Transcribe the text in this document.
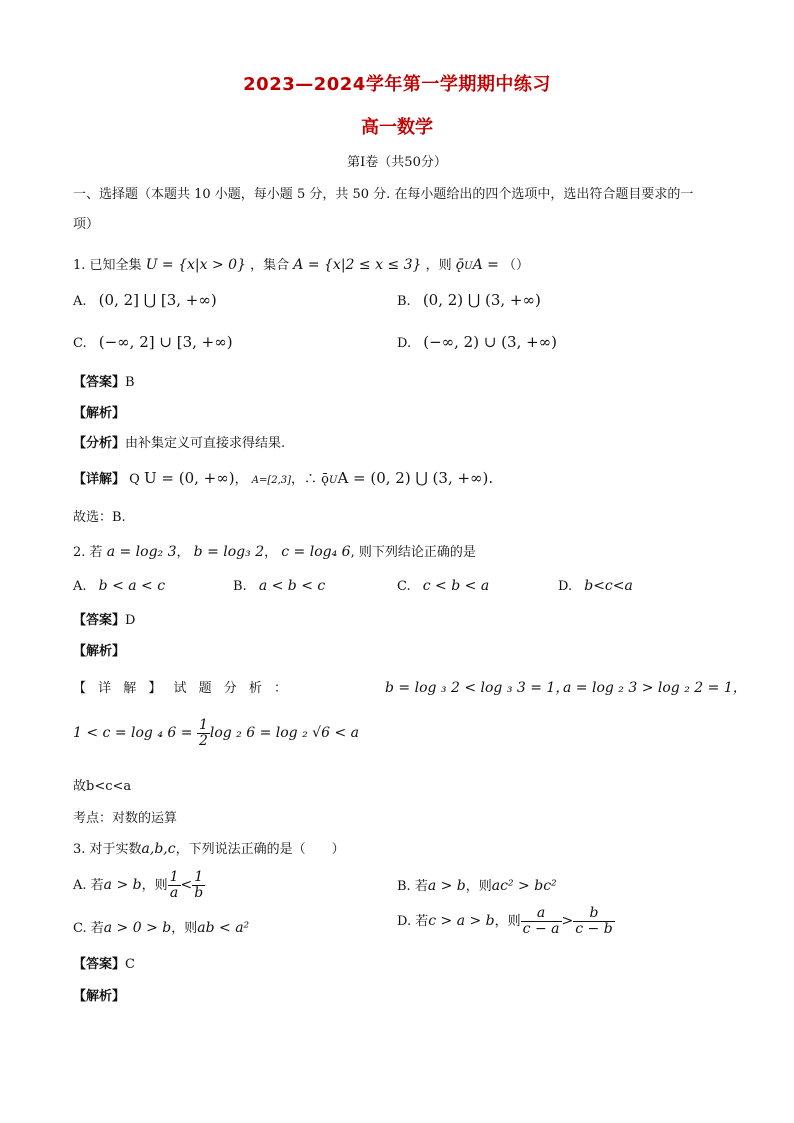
2023—2024学年第一学期期中练习
高一数学
第Ⅰ卷（共50分）
一、选择题（本题共 10 小题，每小题 5 分，共 50 分. 在每小题给出的四个选项中，选出符合题目要求的一
项）
1. 已知全集 U = {x|x > 0} ，集合 A = {x|2 ≤ x ≤ 3} ，则 ǭUA = （）
A. (0, 2] ⋃ [3, +∞)	B. (0, 2) ⋃ (3, +∞)
C. (−∞, 2] ∪ [3, +∞)	D. (−∞, 2) ∪ (3, +∞)
【答案】B
【解析】
【分析】由补集定义可直接求得结果.
【详解】 Q U = (0, +∞)， A=[2,3]，∴ ǭUA = (0, 2) ⋃ (3, +∞).
故选：B.
2. 若 a = log₂ 3， b = log₃ 2， c = log₄ 6, 则下列结论正确的是
A. b < a < c	B. a < b < c	C. c < b < a	D. b<c<a
【答案】D
【解析】
【 详 解 】 试 题 分 析 ：	b = log ₃ 2 < log ₃ 3 = 1，
a = log ₂ 3 > log ₂ 2 = 1，
1 < c = log ₄ $6 = \frac{1}{2}$ log ₂ 6 = log ₂ √6 < a
故b<c<a
考点：对数的运算
3. 对于实数a,b,c，下列说法正确的是（　　）
A. 若a > b，则 $\frac{1}{a} < \frac{1}{b}$	B. 若a > b，则ac² > bc²
C. 若a > 0 > b，则ab < a²	D. 若c > a > b，则 $\frac{a}{c - a} > \frac{b}{c - b}$
【答案】C
【解析】
